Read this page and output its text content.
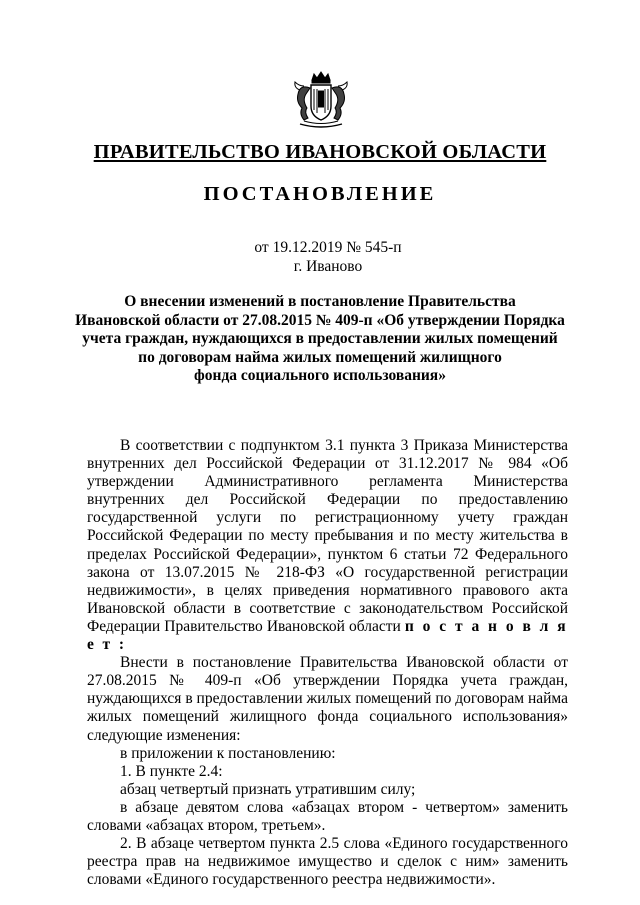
ПРАВИТЕЛЬСТВО ИВАНОВСКОЙ ОБЛАСТИ
ПОСТАНОВЛЕНИЕ
от 19.12.2019 № 545-п
г. Иваново
О внесении изменений в постановление Правительства
Ивановской области от 27.08.2015 № 409-п «Об утверждении Порядка
учета граждан, нуждающихся в предоставлении жилых помещений
по договорам найма жилых помещений жилищного
фонда социального использования»

В соответствии с подпунктом 3.1 пункта 3 Приказа Министерства внутренних дел Российской Федерации от 31.12.2017 № 984 «Об утверждении Административного регламента Министерства внутренних дел Российской Федерации по предоставлению государственной услуги по регистрационному учету граждан Российской Федерации по месту пребывания и по месту жительства в пределах Российской Федерации», пунктом 6 статьи 72 Федерального закона от 13.07.2015 № 218-ФЗ «О государственной регистрации недвижимости», в целях приведения нормативного правового акта Ивановской области в соответствие с законодательством Российской Федерации Правительство Ивановской области п о с т а н о в л я е т :

Внести в постановление Правительства Ивановской области от 27.08.2015 № 409-п «Об утверждении Порядка учета граждан, нуждающихся в предоставлении жилых помещений по договорам найма жилых помещений жилищного фонда социального использования» следующие изменения:

в приложении к постановлению:

1. В пункте 2.4:

абзац четвертый признать утратившим силу;

в абзаце девятом слова «абзацах втором - четвертом» заменить словами «абзацах втором, третьем».

2. В абзаце четвертом пункта 2.5 слова «Единого государственного реестра прав на недвижимое имущество и сделок с ним» заменить словами «Единого государственного реестра недвижимости».
